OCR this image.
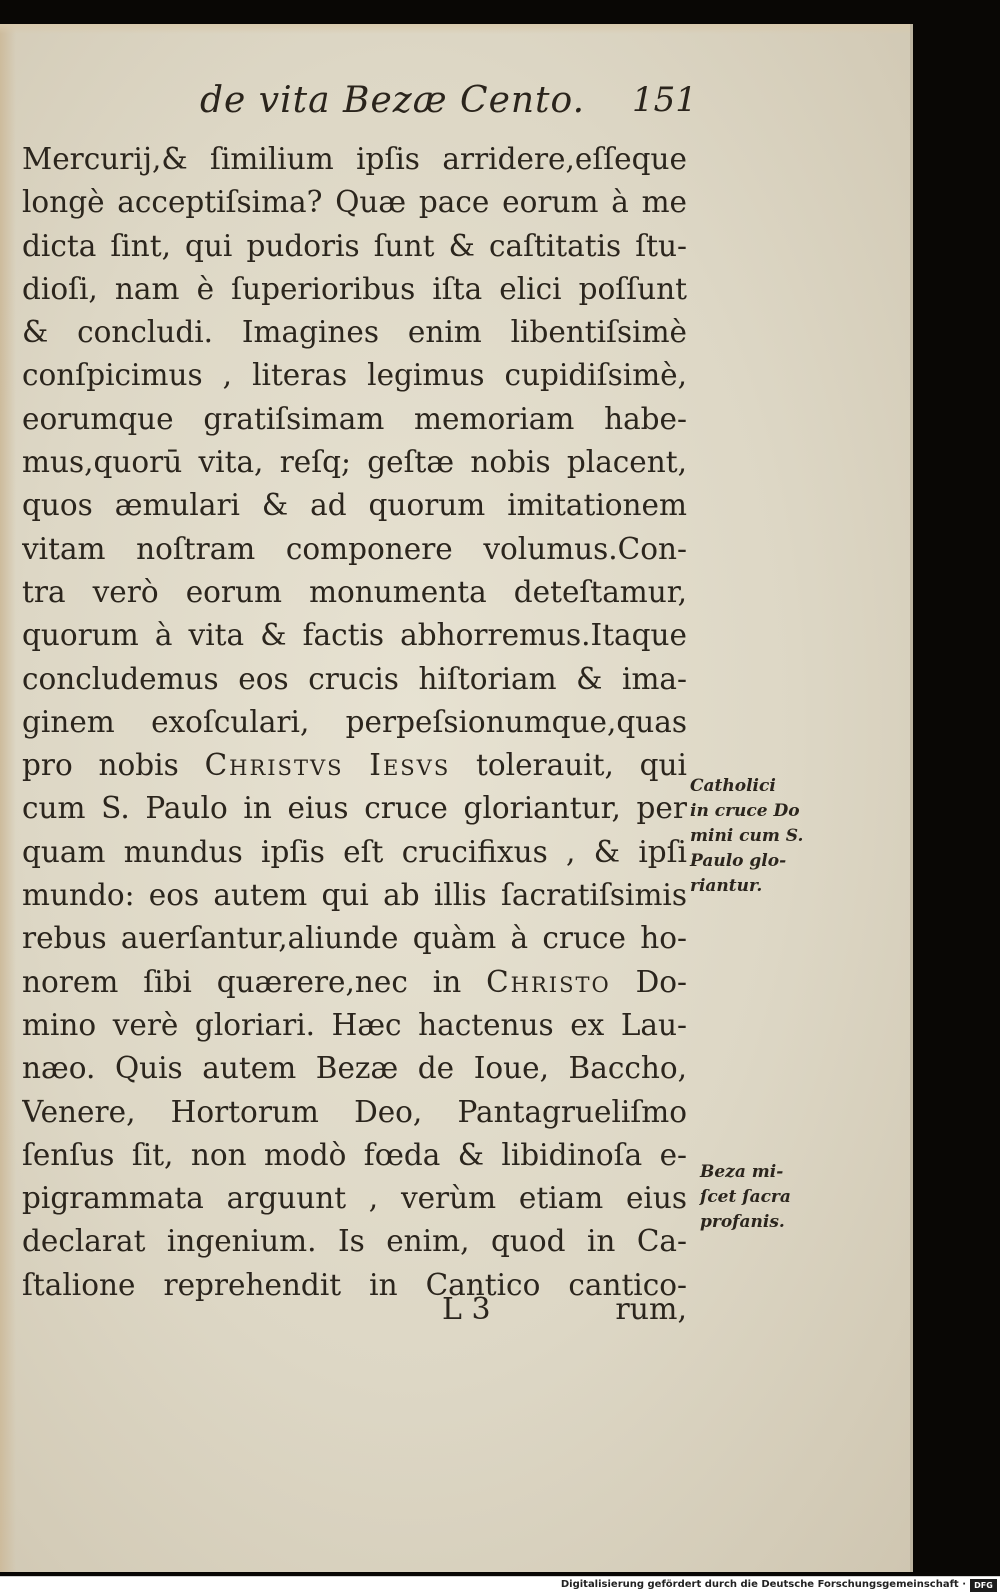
de vita Bezæ Cento. 151
Mercurij,& ſimilium ipſis arridere,eſſeque
longè acceptiſsima? Quæ pace eorum à me
dicta ſint, qui pudoris ſunt & caſtitatis ſtu-
dioſi, nam è ſuperioribus iſta elici poſſunt
& concludi. Imagines enim libentiſsimè
conſpicimus , literas legimus cupidiſsimè,
eorumque gratiſsimam memoriam habe-
mus,quorū vita, reſq; geſtæ nobis placent,
quos æmulari & ad quorum imitationem
vitam noſtram componere volumus.Con-
tra verò eorum monumenta deteſtamur,
quorum à vita & factis abhorremus.Itaque
concludemus eos crucis hiſtoriam & ima-
ginem exoſculari, perpeſsionumque,quas
pro nobis Christvs Iesvs tolerauit, qui
cum S. Paulo in eius cruce gloriantur, per
quam mundus ipſis eſt crucifixus , & ipſi
mundo: eos autem qui ab illis ſacratiſsimis
rebus auerſantur,aliunde quàm à cruce ho-
norem ſibi quærere,nec in Christo Do-
mino verè gloriari. Hæc hactenus ex Lau-
næo. Quis autem Bezæ de Ioue, Baccho,
Venere, Hortorum Deo, Pantagrueliſmo
ſenſus ſit, non modò fœda & libidinoſa e-
pigrammata arguunt , verùm etiam eius
declarat ingenium. Is enim, quod in Ca-
ſtalione reprehendit in Cantico cantico-
Catholici
in cruce Do
mini cum S.
Paulo glo-
riantur.
Beza mi-
ſcet ſacra
profanis.
L 3	rum,
Digitalisierung gefördert durch die Deutsche Forschungsgemeinschaft ·	DFG
